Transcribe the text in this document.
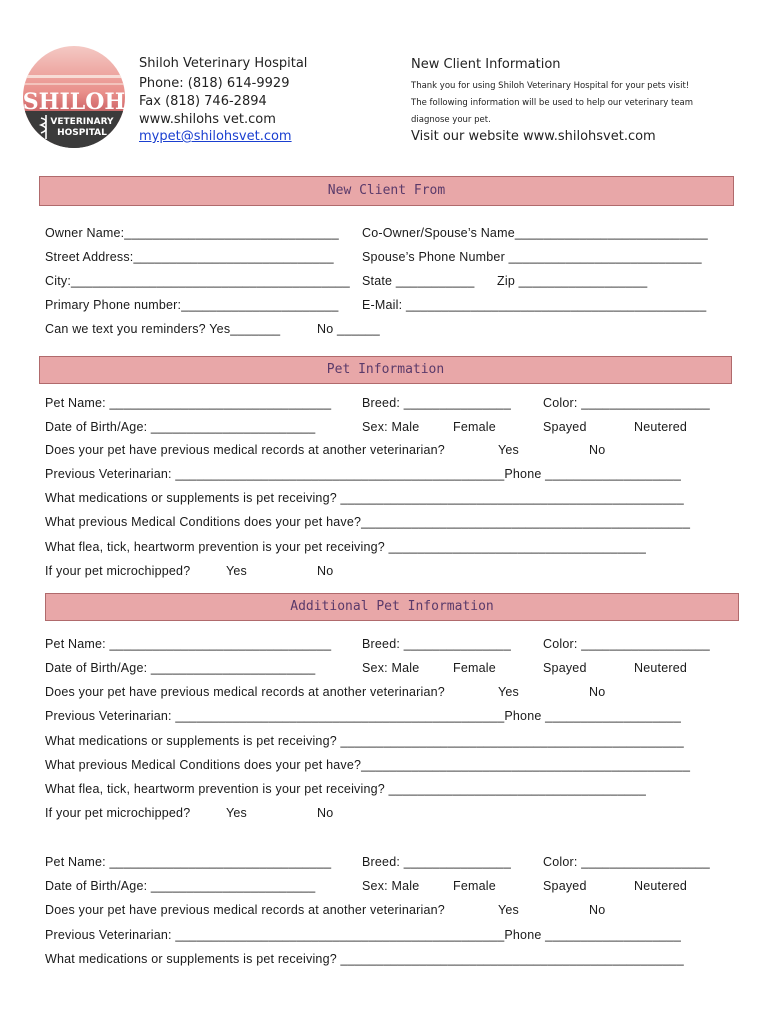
SHILOH
VETERINARY
HOSPITAL
Shiloh Veterinary Hospital
Phone: (818) 614-9929
Fax (818) 746-2894
www.shilohs vet.com
mypet@shilohsvet.com
New Client Information
Thank you for using Shiloh Veterinary Hospital for your pets visit!
The following information will be used to help our veterinary team
diagnose your pet.
Visit our website www.shilohsvet.com
New Client From
Owner Name:______________________________ Co-Owner/Spouse’s Name___________________________
Street Address:____________________________ Spouse’s Phone Number ___________________________
City:_______________________________________ State ___________ Zip __________________
Primary Phone number:______________________ E-Mail: __________________________________________
Can we text you reminders? Yes_______	No ______
Pet Information
Pet Name: _______________________________ Breed: _______________	Color: __________________
Date of Birth/Age: _______________________	Sex: Male	Female	Spayed	Neutered
Does your pet have previous medical records at another veterinarian?	Yes	No
Previous Veterinarian: ______________________________________________Phone ___________________
What medications or supplements is pet receiving? ________________________________________________
What previous Medical Conditions does your pet have?______________________________________________
What flea, tick, heartworm prevention is your pet receiving? ____________________________________
If your pet microchipped?	Yes	No
Additional Pet Information
Pet Name: _______________________________ Breed: _______________	Color: __________________
Date of Birth/Age: _______________________	Sex: Male	Female	Spayed	Neutered
Does your pet have previous medical records at another veterinarian?	Yes	No
Previous Veterinarian: ______________________________________________Phone ___________________
What medications or supplements is pet receiving? ________________________________________________
What previous Medical Conditions does your pet have?______________________________________________
What flea, tick, heartworm prevention is your pet receiving? ____________________________________
If your pet microchipped?	Yes	No
Pet Name: _______________________________ Breed: _______________	Color: __________________
Date of Birth/Age: _______________________	Sex: Male	Female	Spayed	Neutered
Does your pet have previous medical records at another veterinarian?	Yes	No
Previous Veterinarian: ______________________________________________Phone ___________________
What medications or supplements is pet receiving? ________________________________________________
